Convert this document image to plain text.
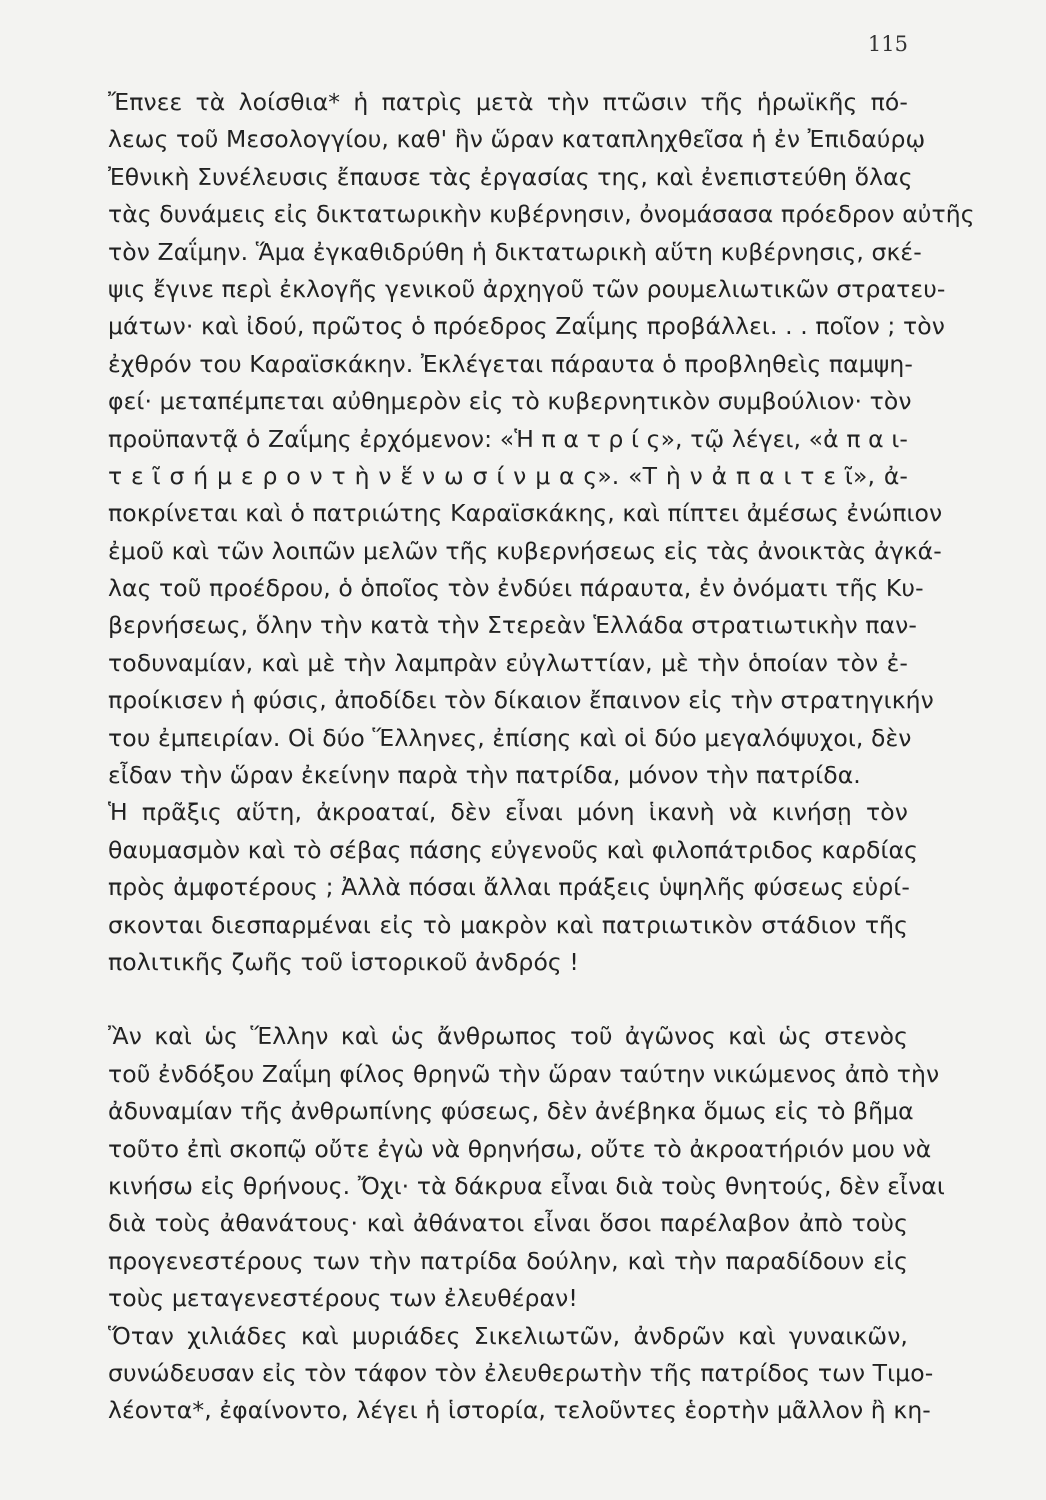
115
Ἔπνεε τὰ λοίσθια* ἡ πατρὶς μετὰ τὴν πτῶσιν τῆς ἡρωϊκῆς πό-
λεως τοῦ Μεσολογγίου, καθ' ἣν ὥραν καταπληχθεῖσα ἡ ἐν Ἐπιδαύρῳ
Ἐθνικὴ Συνέλευσις ἔπαυσε τὰς ἐργασίας της, καὶ ἐνεπιστεύθη ὅλας
τὰς δυνάμεις εἰς δικτατωρικὴν κυβέρνησιν, ὀνομάσασα πρόεδρον αὐτῆς
τὸν Ζαΐμην. Ἅμα ἐγκαθιδρύθη ἡ δικτατωρικὴ αὕτη κυβέρνησις, σκέ-
ψις ἔγινε περὶ ἐκλογῆς γενικοῦ ἀρχηγοῦ τῶν ρουμελιωτικῶν στρατευ-
μάτων· καὶ ἰδού, πρῶτος ὁ πρόεδρος Ζαΐμης προβάλλει. . . ποῖον ; τὸν
ἐχθρόν του Καραϊσκάκην. Ἐκλέγεται πάραυτα ὁ προβληθεὶς παμψη-
φεί· μεταπέμπεται αὐθημερὸν εἰς τὸ κυβερνητικὸν συμβούλιον· τὸν
προϋπαντᾷ ὁ Ζαΐμης ἐρχόμενον: «Ἡ π α τ ρ ί ς», τῷ λέγει, «ἀ π α ι-
τ ε ῖ σ ή μ ε ρ ο ν τ ὴ ν ἕ ν ω σ ί ν μ α ς». «Τ ὴ ν ἀ π α ι τ ε ῖ», ἀ-
ποκρίνεται καὶ ὁ πατριώτης Καραϊσκάκης, καὶ πίπτει ἀμέσως ἐνώπιον
ἐμοῦ καὶ τῶν λοιπῶν μελῶν τῆς κυβερνήσεως εἰς τὰς ἀνοικτὰς ἀγκά-
λας τοῦ προέδρου, ὁ ὁποῖος τὸν ἐνδύει πάραυτα, ἐν ὀνόματι τῆς Κυ-
βερνήσεως, ὅλην τὴν κατὰ τὴν Στερεὰν Ἑλλάδα στρατιωτικὴν παν-
τοδυναμίαν, καὶ μὲ τὴν λαμπρὰν εὐγλωττίαν, μὲ τὴν ὁποίαν τὸν ἐ-
προίκισεν ἡ φύσις, ἀποδίδει τὸν δίκαιον ἔπαινον εἰς τὴν στρατηγικήν
του ἐμπειρίαν. Οἱ δύο Ἕλληνες, ἐπίσης καὶ οἱ δύο μεγαλόψυχοι, δὲν
εἶδαν τὴν ὥραν ἐκείνην παρὰ τὴν πατρίδα, μόνον τὴν πατρίδα.
Ἡ πρᾶξις αὕτη, ἀκροαταί, δὲν εἶναι μόνη ἱκανὴ νὰ κινήσῃ τὸν
θαυμασμὸν καὶ τὸ σέβας πάσης εὐγενοῦς καὶ φιλοπάτριδος καρδίας
πρὸς ἀμφοτέρους ; Ἀλλὰ πόσαι ἄλλαι πράξεις ὑψηλῆς φύσεως εὑρί-
σκονται διεσπαρμέναι εἰς τὸ μακρὸν καὶ πατριωτικὸν στάδιον τῆς
πολιτικῆς ζωῆς τοῦ ἱστορικοῦ ἀνδρός !
Ἂν καὶ ὡς Ἕλλην καὶ ὡς ἄνθρωπος τοῦ ἀγῶνος καὶ ὡς στενὸς
τοῦ ἐνδόξου Ζαΐμη φίλος θρηνῶ τὴν ὥραν ταύτην νικώμενος ἀπὸ τὴν
ἀδυναμίαν τῆς ἀνθρωπίνης φύσεως, δὲν ἀνέβηκα ὅμως εἰς τὸ βῆμα
τοῦτο ἐπὶ σκοπῷ οὔτε ἐγὼ νὰ θρηνήσω, οὔτε τὸ ἀκροατήριόν μου νὰ
κινήσω εἰς θρήνους. Ὄχι· τὰ δάκρυα εἶναι διὰ τοὺς θνητούς, δὲν εἶναι
διὰ τοὺς ἀθανάτους· καὶ ἀθάνατοι εἶναι ὅσοι παρέλαβον ἀπὸ τοὺς
προγενεστέρους των τὴν πατρίδα δούλην, καὶ τὴν παραδίδουν εἰς
τοὺς μεταγενεστέρους των ἐλευθέραν!
Ὅταν χιλιάδες καὶ μυριάδες Σικελιωτῶν, ἀνδρῶν καὶ γυναικῶν,
συνώδευσαν εἰς τὸν τάφον τὸν ἐλευθερωτὴν τῆς πατρίδος των Τιμο-
λέοντα*, ἐφαίνοντο, λέγει ἡ ἱστορία, τελοῦντες ἑορτὴν μᾶλλον ἢ κη-
